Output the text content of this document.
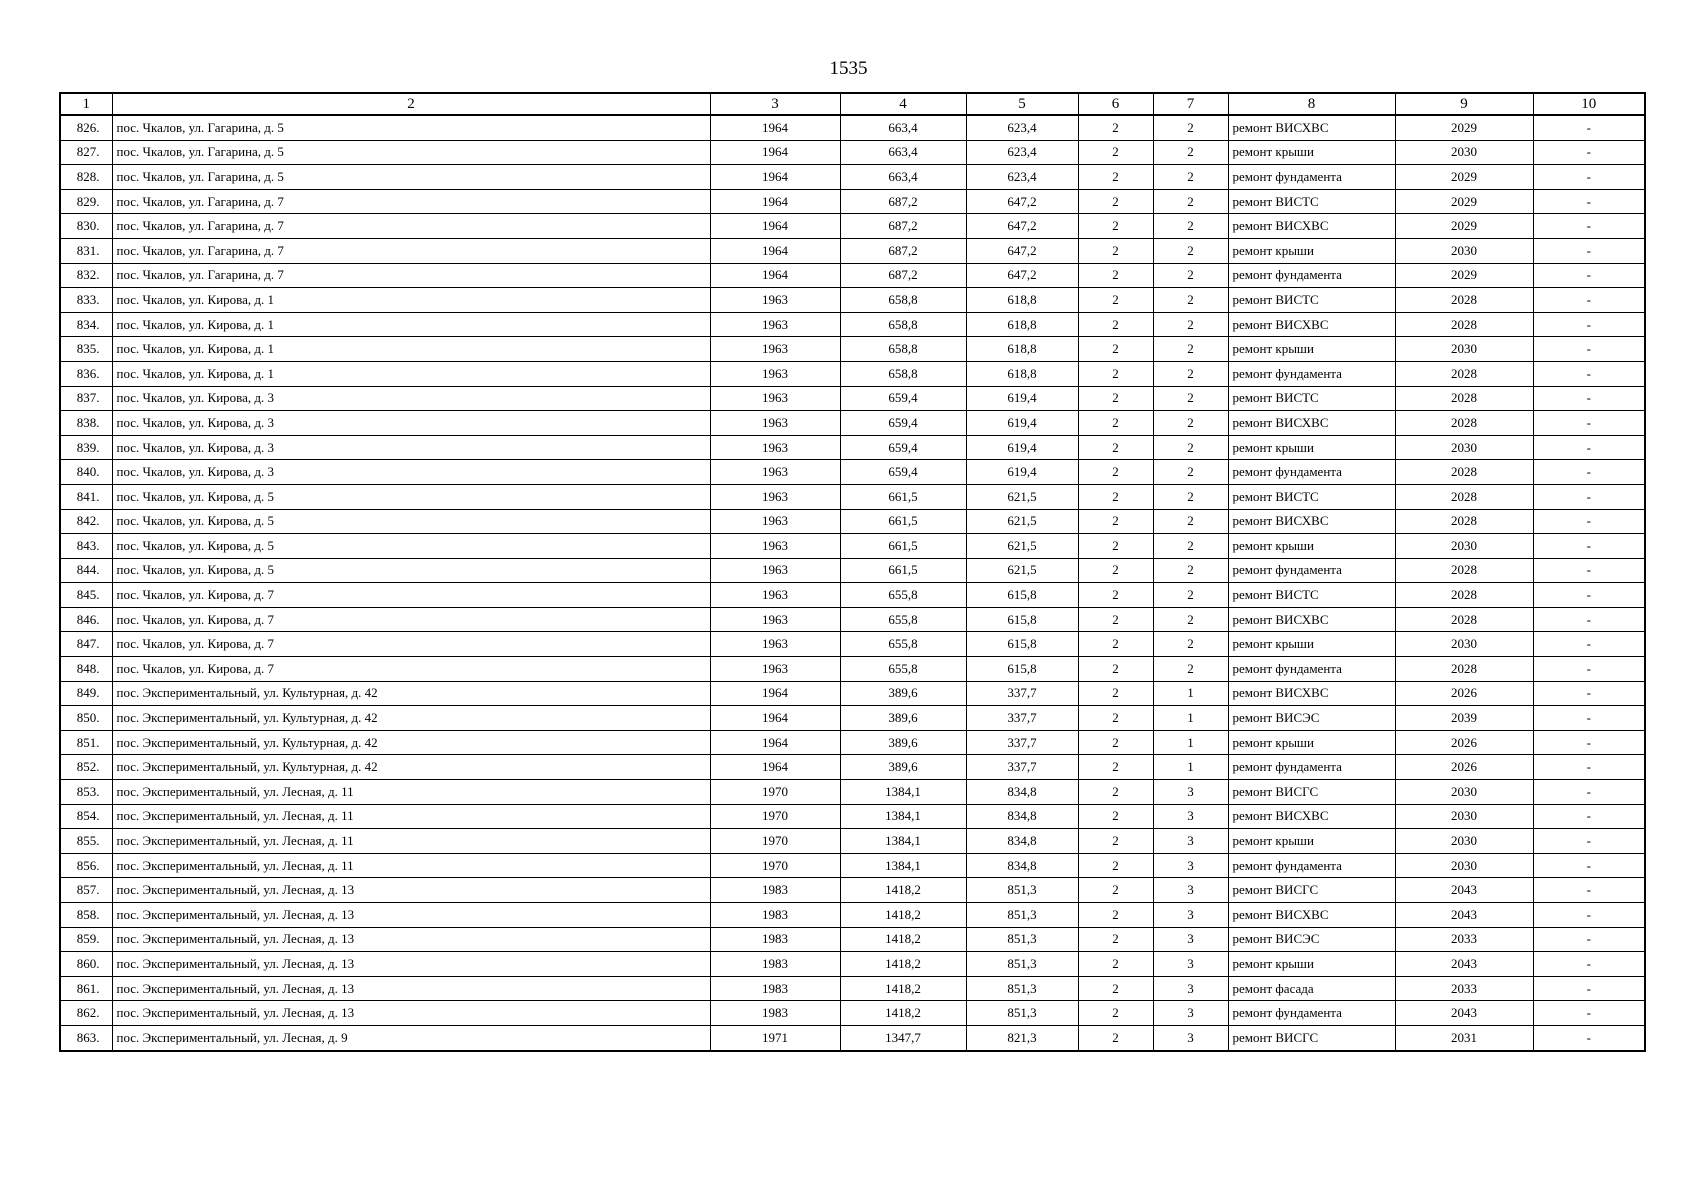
1535
1	2	3	4	5	6	7	8	9	10
826.	пос. Чкалов, ул. Гагарина, д. 5	1964	663,4	623,4	2	2	ремонт ВИСХВС	2029	-
827.	пос. Чкалов, ул. Гагарина, д. 5	1964	663,4	623,4	2	2	ремонт крыши	2030	-
828.	пос. Чкалов, ул. Гагарина, д. 5	1964	663,4	623,4	2	2	ремонт фундамента	2029	-
829.	пос. Чкалов, ул. Гагарина, д. 7	1964	687,2	647,2	2	2	ремонт ВИСТС	2029	-
830.	пос. Чкалов, ул. Гагарина, д. 7	1964	687,2	647,2	2	2	ремонт ВИСХВС	2029	-
831.	пос. Чкалов, ул. Гагарина, д. 7	1964	687,2	647,2	2	2	ремонт крыши	2030	-
832.	пос. Чкалов, ул. Гагарина, д. 7	1964	687,2	647,2	2	2	ремонт фундамента	2029	-
833.	пос. Чкалов, ул. Кирова, д. 1	1963	658,8	618,8	2	2	ремонт ВИСТС	2028	-
834.	пос. Чкалов, ул. Кирова, д. 1	1963	658,8	618,8	2	2	ремонт ВИСХВС	2028	-
835.	пос. Чкалов, ул. Кирова, д. 1	1963	658,8	618,8	2	2	ремонт крыши	2030	-
836.	пос. Чкалов, ул. Кирова, д. 1	1963	658,8	618,8	2	2	ремонт фундамента	2028	-
837.	пос. Чкалов, ул. Кирова, д. 3	1963	659,4	619,4	2	2	ремонт ВИСТС	2028	-
838.	пос. Чкалов, ул. Кирова, д. 3	1963	659,4	619,4	2	2	ремонт ВИСХВС	2028	-
839.	пос. Чкалов, ул. Кирова, д. 3	1963	659,4	619,4	2	2	ремонт крыши	2030	-
840.	пос. Чкалов, ул. Кирова, д. 3	1963	659,4	619,4	2	2	ремонт фундамента	2028	-
841.	пос. Чкалов, ул. Кирова, д. 5	1963	661,5	621,5	2	2	ремонт ВИСТС	2028	-
842.	пос. Чкалов, ул. Кирова, д. 5	1963	661,5	621,5	2	2	ремонт ВИСХВС	2028	-
843.	пос. Чкалов, ул. Кирова, д. 5	1963	661,5	621,5	2	2	ремонт крыши	2030	-
844.	пос. Чкалов, ул. Кирова, д. 5	1963	661,5	621,5	2	2	ремонт фундамента	2028	-
845.	пос. Чкалов, ул. Кирова, д. 7	1963	655,8	615,8	2	2	ремонт ВИСТС	2028	-
846.	пос. Чкалов, ул. Кирова, д. 7	1963	655,8	615,8	2	2	ремонт ВИСХВС	2028	-
847.	пос. Чкалов, ул. Кирова, д. 7	1963	655,8	615,8	2	2	ремонт крыши	2030	-
848.	пос. Чкалов, ул. Кирова, д. 7	1963	655,8	615,8	2	2	ремонт фундамента	2028	-
849.	пос. Экспериментальный, ул. Культурная, д. 42	1964	389,6	337,7	2	1	ремонт ВИСХВС	2026	-
850.	пос. Экспериментальный, ул. Культурная, д. 42	1964	389,6	337,7	2	1	ремонт ВИСЭС	2039	-
851.	пос. Экспериментальный, ул. Культурная, д. 42	1964	389,6	337,7	2	1	ремонт крыши	2026	-
852.	пос. Экспериментальный, ул. Культурная, д. 42	1964	389,6	337,7	2	1	ремонт фундамента	2026	-
853.	пос. Экспериментальный, ул. Лесная, д. 11	1970	1384,1	834,8	2	3	ремонт ВИСГС	2030	-
854.	пос. Экспериментальный, ул. Лесная, д. 11	1970	1384,1	834,8	2	3	ремонт ВИСХВС	2030	-
855.	пос. Экспериментальный, ул. Лесная, д. 11	1970	1384,1	834,8	2	3	ремонт крыши	2030	-
856.	пос. Экспериментальный, ул. Лесная, д. 11	1970	1384,1	834,8	2	3	ремонт фундамента	2030	-
857.	пос. Экспериментальный, ул. Лесная, д. 13	1983	1418,2	851,3	2	3	ремонт ВИСГС	2043	-
858.	пос. Экспериментальный, ул. Лесная, д. 13	1983	1418,2	851,3	2	3	ремонт ВИСХВС	2043	-
859.	пос. Экспериментальный, ул. Лесная, д. 13	1983	1418,2	851,3	2	3	ремонт ВИСЭС	2033	-
860.	пос. Экспериментальный, ул. Лесная, д. 13	1983	1418,2	851,3	2	3	ремонт крыши	2043	-
861.	пос. Экспериментальный, ул. Лесная, д. 13	1983	1418,2	851,3	2	3	ремонт фасада	2033	-
862.	пос. Экспериментальный, ул. Лесная, д. 13	1983	1418,2	851,3	2	3	ремонт фундамента	2043	-
863.	пос. Экспериментальный, ул. Лесная, д. 9	1971	1347,7	821,3	2	3	ремонт ВИСГС	2031	-
